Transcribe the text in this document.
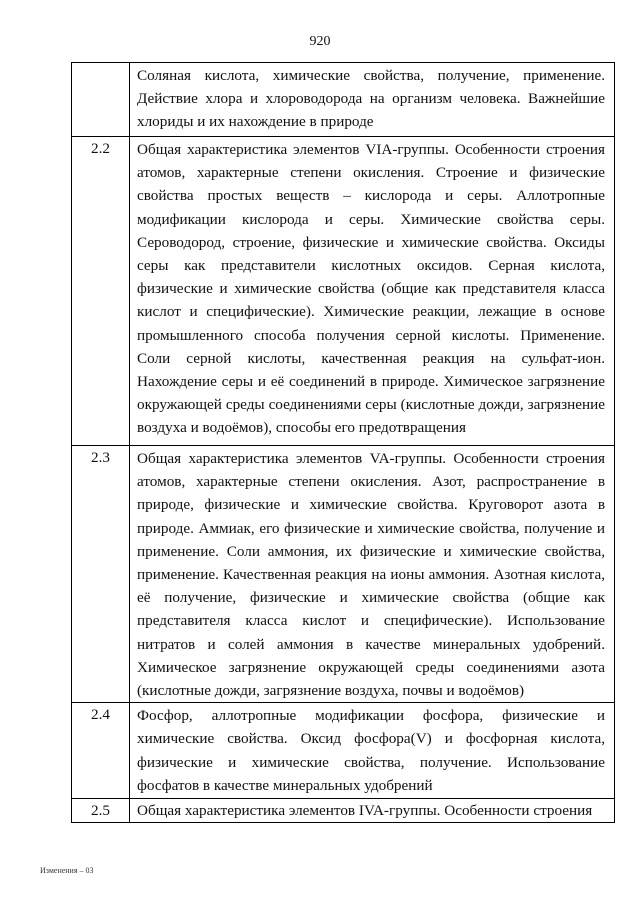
920
	Соляная кислота, химические свойства, получение, применение. Действие хлора и хлороводорода на организм человека. Важнейшие хлориды и их нахождение в природе
2.2	Общая характеристика элементов VIA-группы. Особенности строения атомов, характерные степени окисления. Строение и физические свойства простых веществ – кислорода и серы. Аллотропные модификации кислорода и серы. Химические свойства серы. Сероводород, строение, физические и химические свойства. Оксиды серы как представители кислотных оксидов. Серная кислота, физические и химические свойства (общие как представителя класса кислот и специфические). Химические реакции, лежащие в основе промышленного способа получения серной кислоты. Применение. Соли серной кислоты, качественная реакция на сульфат-ион. Нахождение серы и её соединений в природе. Химическое загрязнение окружающей среды соединениями серы (кислотные дожди, загрязнение воздуха и водоёмов), способы его предотвращения
2.3	Общая характеристика элементов VA-группы. Особенности строения атомов, характерные степени окисления. Азот, распространение в природе, физические и химические свойства. Круговорот азота в природе. Аммиак, его физические и химические свойства, получение и применение. Соли аммония, их физические и химические свойства, применение. Качественная реакция на ионы аммония. Азотная кислота, её получение, физические и химические свойства (общие как представителя класса кислот и специфические). Использование нитратов и солей аммония в качестве минеральных удобрений. Химическое загрязнение окружающей среды соединениями азота (кислотные дожди, загрязнение воздуха, почвы и водоёмов)
2.4	Фосфор, аллотропные модификации фосфора, физические и химические свойства. Оксид фосфора(V) и фосфорная кислота, физические и химические свойства, получение. Использование фосфатов в качестве минеральных удобрений
2.5	Общая характеристика элементов IVA-группы. Особенности строения
Изменения – 03
